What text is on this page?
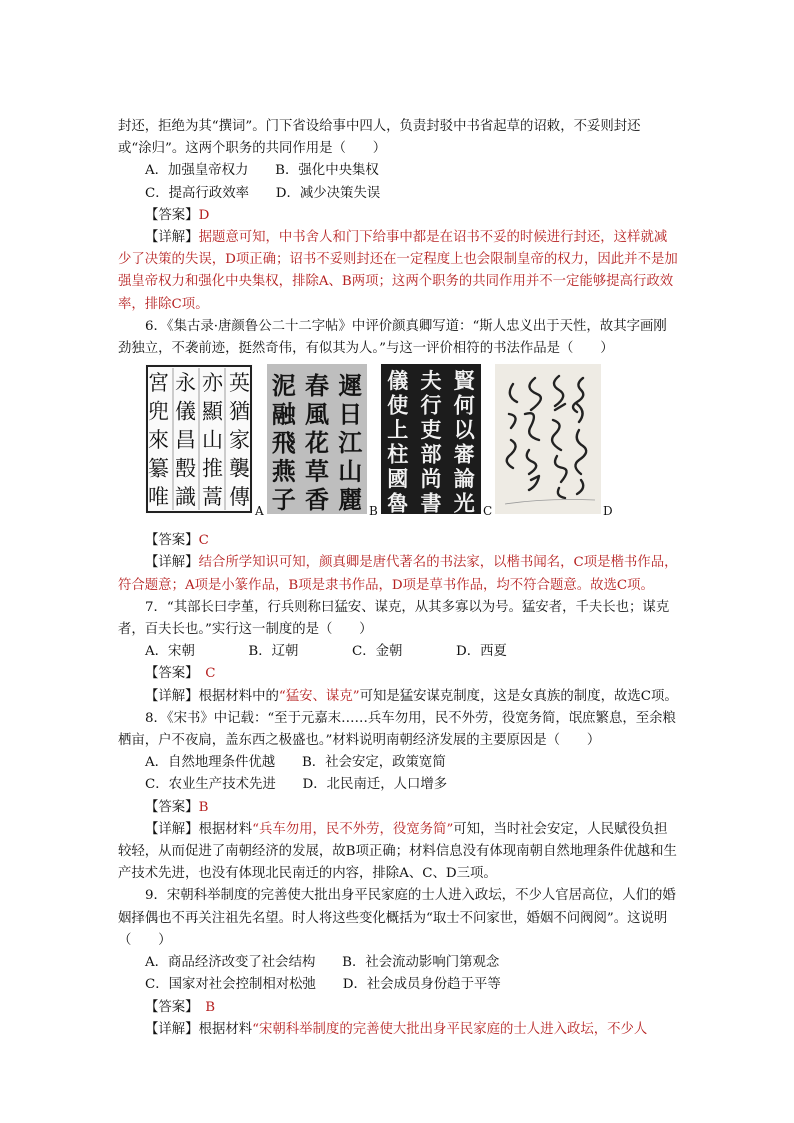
封还，拒绝为其“撰词”。门下省设给事中四人，负责封驳中书省起草的诏敕，不妥则封还

或“涂归”。这两个职务的共同作用是（　　）

A．加强皇帝权力　　B．强化中央集权

C．提高行政效率　　D．减少决策失误

【答案】D

【详解】据题意可知，中书舍人和门下给事中都是在诏书不妥的时候进行封还，这样就减少了决策的失误，D项正确；诏书不妥则封还在一定程度上也会限制皇帝的权力，因此并不是加强皇帝权力和强化中央集权，排除A、B两项；这两个职务的共同作用并不一定能够提高行政效率，排除C项。

6．《集古录·唐颜鲁公二十二字帖》中评价颜真卿写道：“斯人忠义出于天性，故其字画刚劲独立，不袭前迹，挺然奇伟，有似其为人。”与这一评价相符的书法作品是（　　）

英
猶
家
襲
傳
亦
顯
山
推
蒿
永
儀
昌
毄
識
宮
兜
來
纂
唯
A
遲
日
江
山
麗
春
風
花
草
香
泥
融
飛
燕
子	B
賢
何
以
審
論
光
夫
行
吏
部
尚
書
儀
使
上
柱
國
魯	C	D

【答案】C

【详解】结合所学知识可知，颜真卿是唐代著名的书法家，以楷书闻名，C项是楷书作品，符合题意；A项是小篆作品，B项是隶书作品，D项是草书作品，均不符合题意。故选C项。

7．“其部长曰孛堇，行兵则称曰猛安、谋克，从其多寡以为号。猛安者，千夫长也；谋克者，百夫长也。”实行这一制度的是（　　）

A．宋朝　　　　B．辽朝　　　　C．金朝　　　　D．西夏

【答案】　C

【详解】根据材料中的“猛安、谋克”可知是猛安谋克制度，这是女真族的制度，故选C项。

8．《宋书》中记载：“至于元嘉末……兵车勿用，民不外劳，役宽务简，氓庶繁息，至余粮栖亩，户不夜扃，盖东西之极盛也。”材料说明南朝经济发展的主要原因是（　　）

A．自然地理条件优越　　B．社会安定，政策宽简

C．农业生产技术先进　　D．北民南迁，人口增多

【答案】B

【详解】根据材料“兵车勿用，民不外劳，役宽务简”可知，当时社会安定，人民赋役负担较轻，从而促进了南朝经济的发展，故B项正确；材料信息没有体现南朝自然地理条件优越和生产技术先进，也没有体现北民南迁的内容，排除A、C、D三项。

9．宋朝科举制度的完善使大批出身平民家庭的士人进入政坛，不少人官居高位，人们的婚姻择偶也不再关注祖先名望。时人将这些变化概括为“取士不问家世，婚姻不问阀阅”。这说明（　　）

A．商品经济改变了社会结构　　B．社会流动影响门第观念

C．国家对社会控制相对松弛　　D．社会成员身份趋于平等

【答案】　B

【详解】根据材料“宋朝科举制度的完善使大批出身平民家庭的士人进入政坛，不少人
